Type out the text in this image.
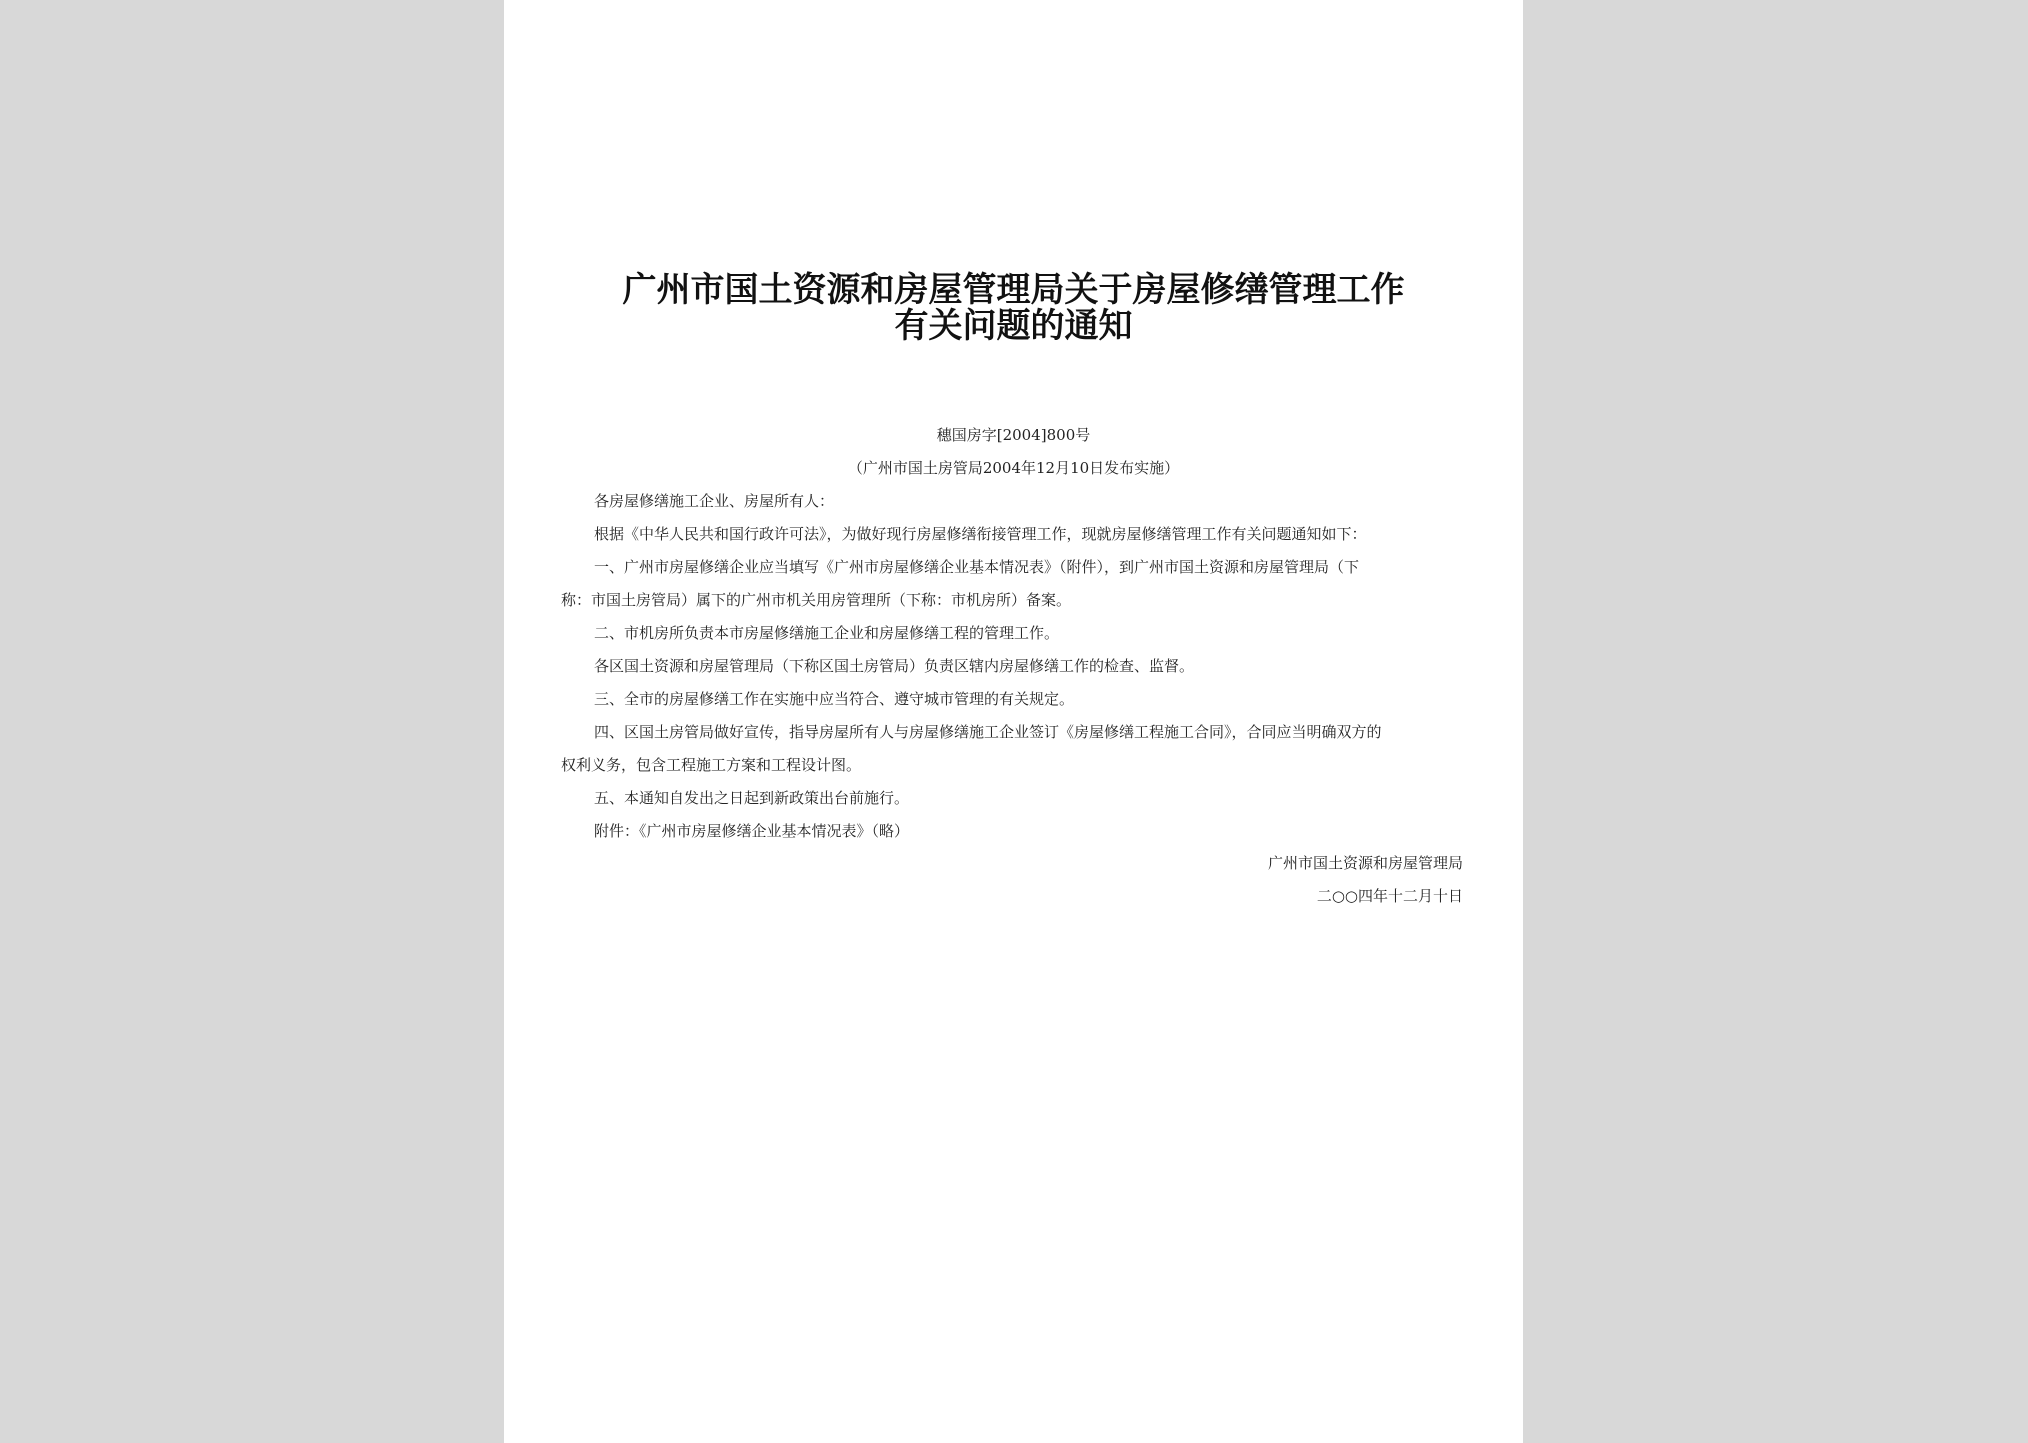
广州市国土资源和房屋管理局关于房屋修缮管理工作
有关问题的通知
穗国房字[2004]800号
（广州市国土房管局2004年12月10日发布实施）
各房屋修缮施工企业、房屋所有人：
根据《中华人民共和国行政许可法》，为做好现行房屋修缮衔接管理工作，现就房屋修缮管理工作有关问题通知如下：
一、广州市房屋修缮企业应当填写《广州市房屋修缮企业基本情况表》（附件），到广州市国土资源和房屋管理局（下
称：市国土房管局）属下的广州市机关用房管理所（下称：市机房所）备案。
二、市机房所负责本市房屋修缮施工企业和房屋修缮工程的管理工作。
各区国土资源和房屋管理局（下称区国土房管局）负责区辖内房屋修缮工作的检查、监督。
三、全市的房屋修缮工作在实施中应当符合、遵守城市管理的有关规定。
四、区国土房管局做好宣传，指导房屋所有人与房屋修缮施工企业签订《房屋修缮工程施工合同》，合同应当明确双方的
权利义务，包含工程施工方案和工程设计图。
五、本通知自发出之日起到新政策出台前施行。
附件：《广州市房屋修缮企业基本情况表》（略）
广州市国土资源和房屋管理局
二○○四年十二月十日
